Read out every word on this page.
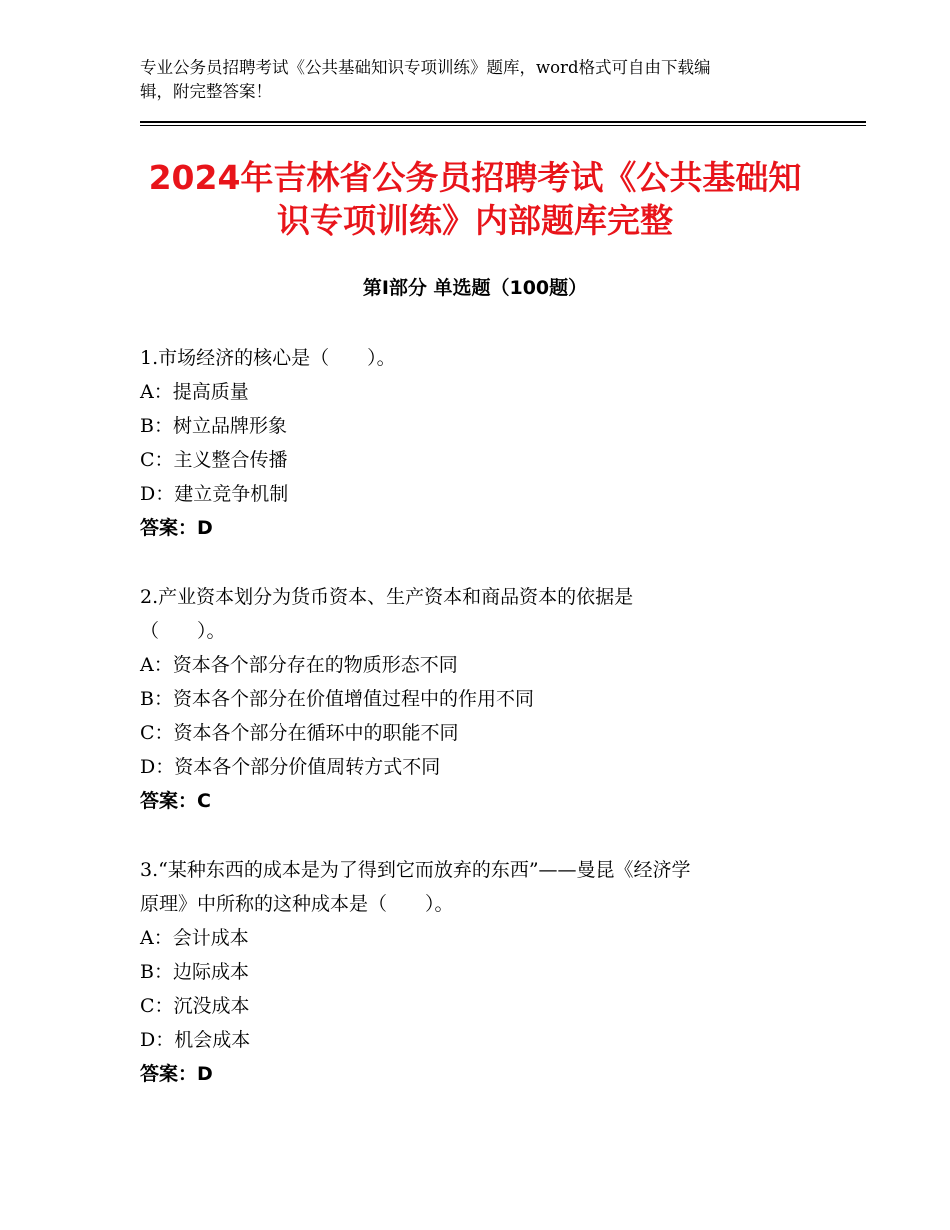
专业公务员招聘考试《公共基础知识专项训练》题库，word格式可自由下载编
辑，附完整答案！
2024年吉林省公务员招聘考试《公共基础知
识专项训练》内部题库完整
第Ⅰ部分 单选题（100题）
1.市场经济的核心是（　　）。
A：提高质量
B：树立品牌形象
C：主义整合传播
D：建立竞争机制
答案：D
2.产业资本划分为货币资本、生产资本和商品资本的依据是
（　　）。
A：资本各个部分存在的物质形态不同
B：资本各个部分在价值增值过程中的作用不同
C：资本各个部分在循环中的职能不同
D：资本各个部分价值周转方式不同
答案：C
3.“某种东西的成本是为了得到它而放弃的东西”——曼昆《经济学
原理》中所称的这种成本是（　　）。
A：会计成本
B：边际成本
C：沉没成本
D：机会成本
答案：D
